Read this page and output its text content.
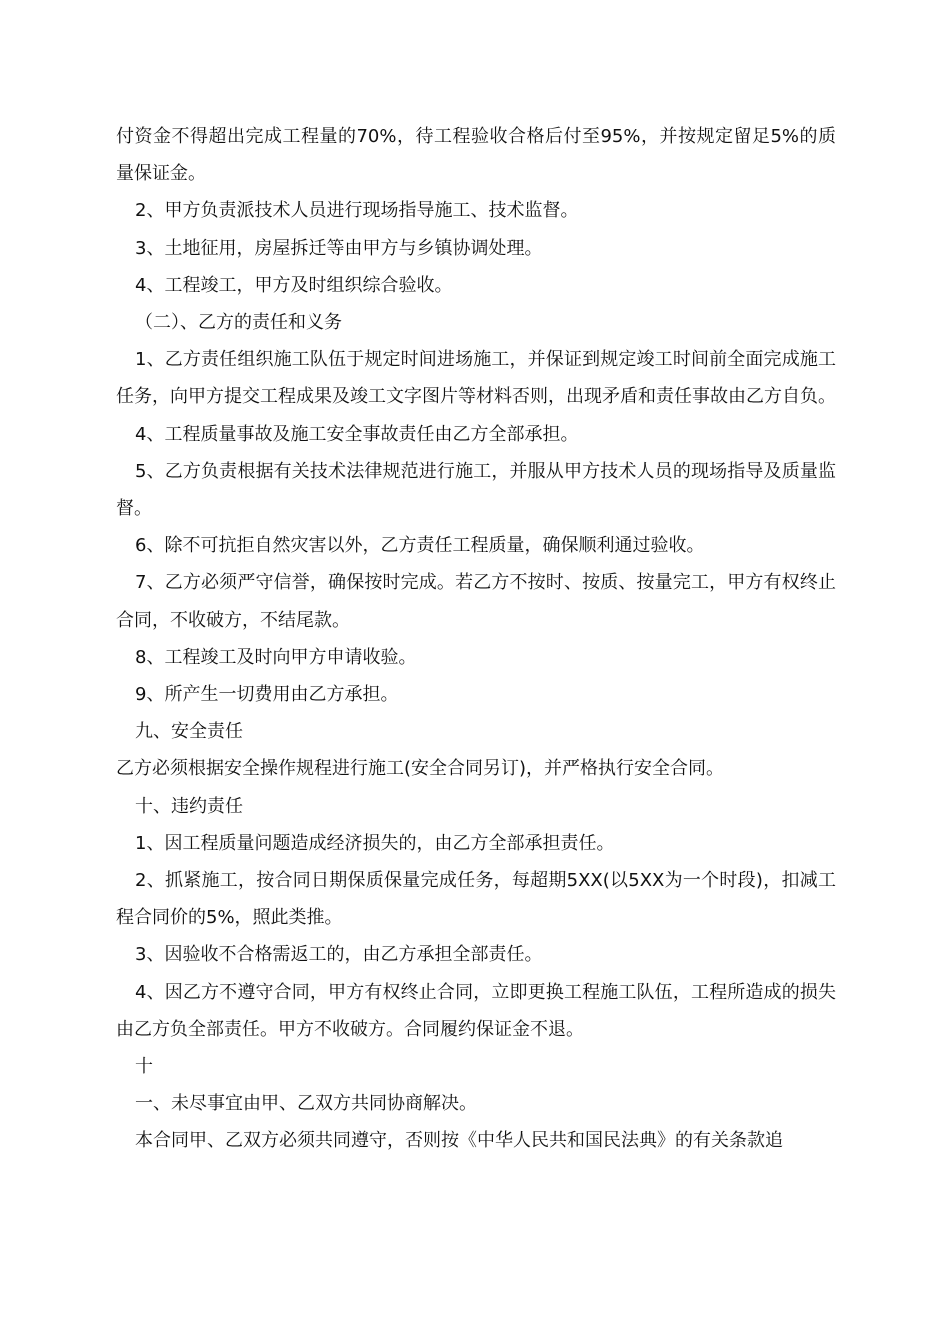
付资金不得超出完成工程量的70%，待工程验收合格后付至95%，并按规定留足5%的质量保证金。

2、甲方负责派技术人员进行现场指导施工、技术监督。

3、土地征用，房屋拆迁等由甲方与乡镇协调处理。

4、工程竣工，甲方及时组织综合验收。

（二）、乙方的责任和义务

1、乙方责任组织施工队伍于规定时间进场施工，并保证到规定竣工时间前全面完成施工任务，向甲方提交工程成果及竣工文字图片等材料否则，出现矛盾和责任事故由乙方自负。

4、工程质量事故及施工安全事故责任由乙方全部承担。

5、乙方负责根据有关技术法律规范进行施工，并服从甲方技术人员的现场指导及质量监督。

6、除不可抗拒自然灾害以外，乙方责任工程质量，确保顺利通过验收。

7、乙方必须严守信誉，确保按时完成。若乙方不按时、按质、按量完工，甲方有权终止合同，不收破方，不结尾款。

8、工程竣工及时向甲方申请收验。

9、所产生一切费用由乙方承担。

九、安全责任

乙方必须根据安全操作规程进行施工(安全合同另订)，并严格执行安全合同。

十、违约责任

1、因工程质量问题造成经济损失的，由乙方全部承担责任。

2、抓紧施工，按合同日期保质保量完成任务，每超期5XX(以5XX为一个时段)，扣减工程合同价的5%，照此类推。

3、因验收不合格需返工的，由乙方承担全部责任。

4、因乙方不遵守合同，甲方有权终止合同，立即更换工程施工队伍，工程所造成的损失由乙方负全部责任。甲方不收破方。合同履约保证金不退。

十

一、未尽事宜由甲、乙双方共同协商解决。

本合同甲、乙双方必须共同遵守，否则按《中华人民共和国民法典》的有关条款追
